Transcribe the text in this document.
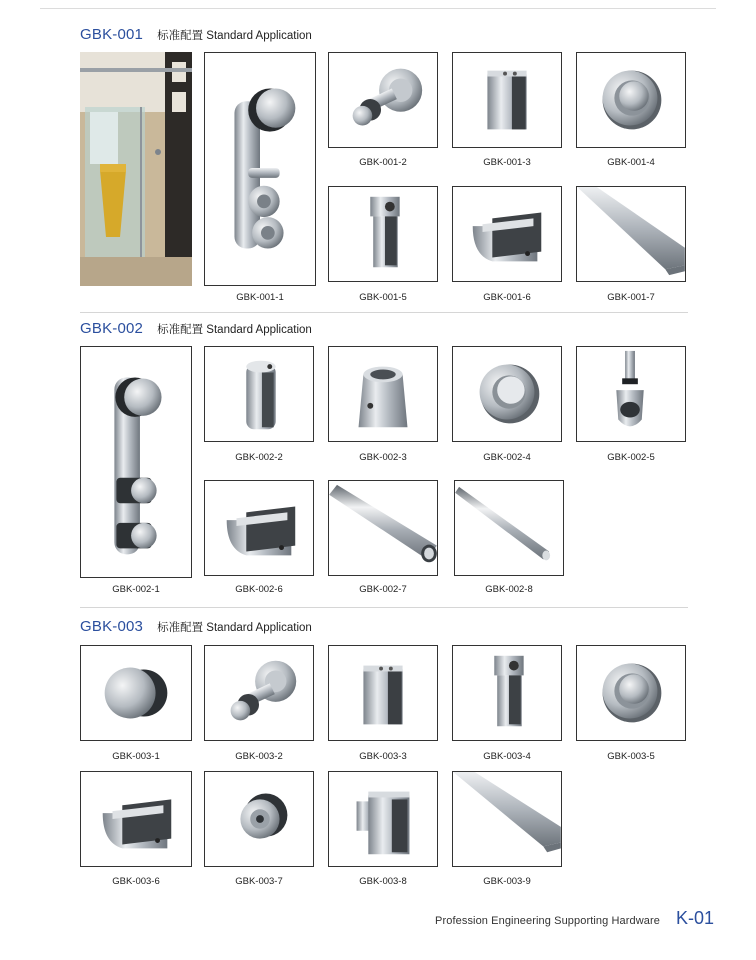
GBK-001 标准配置 Standard Application
GBK-001-1
GBK-001-2	GBK-001-3	GBK-001-4
GBK-001-5	GBK-001-6	GBK-001-7
GBK-002 标准配置 Standard Application
GBK-002-1
GBK-002-2	GBK-002-3	GBK-002-4	GBK-002-5
GBK-002-6	GBK-002-7	GBK-002-8
GBK-003 标准配置 Standard Application
GBK-003-1	GBK-003-2	GBK-003-3	GBK-003-4	GBK-003-5
GBK-003-6	GBK-003-7	GBK-003-8	GBK-003-9
Profession Engineering Supporting Hardware K-01
